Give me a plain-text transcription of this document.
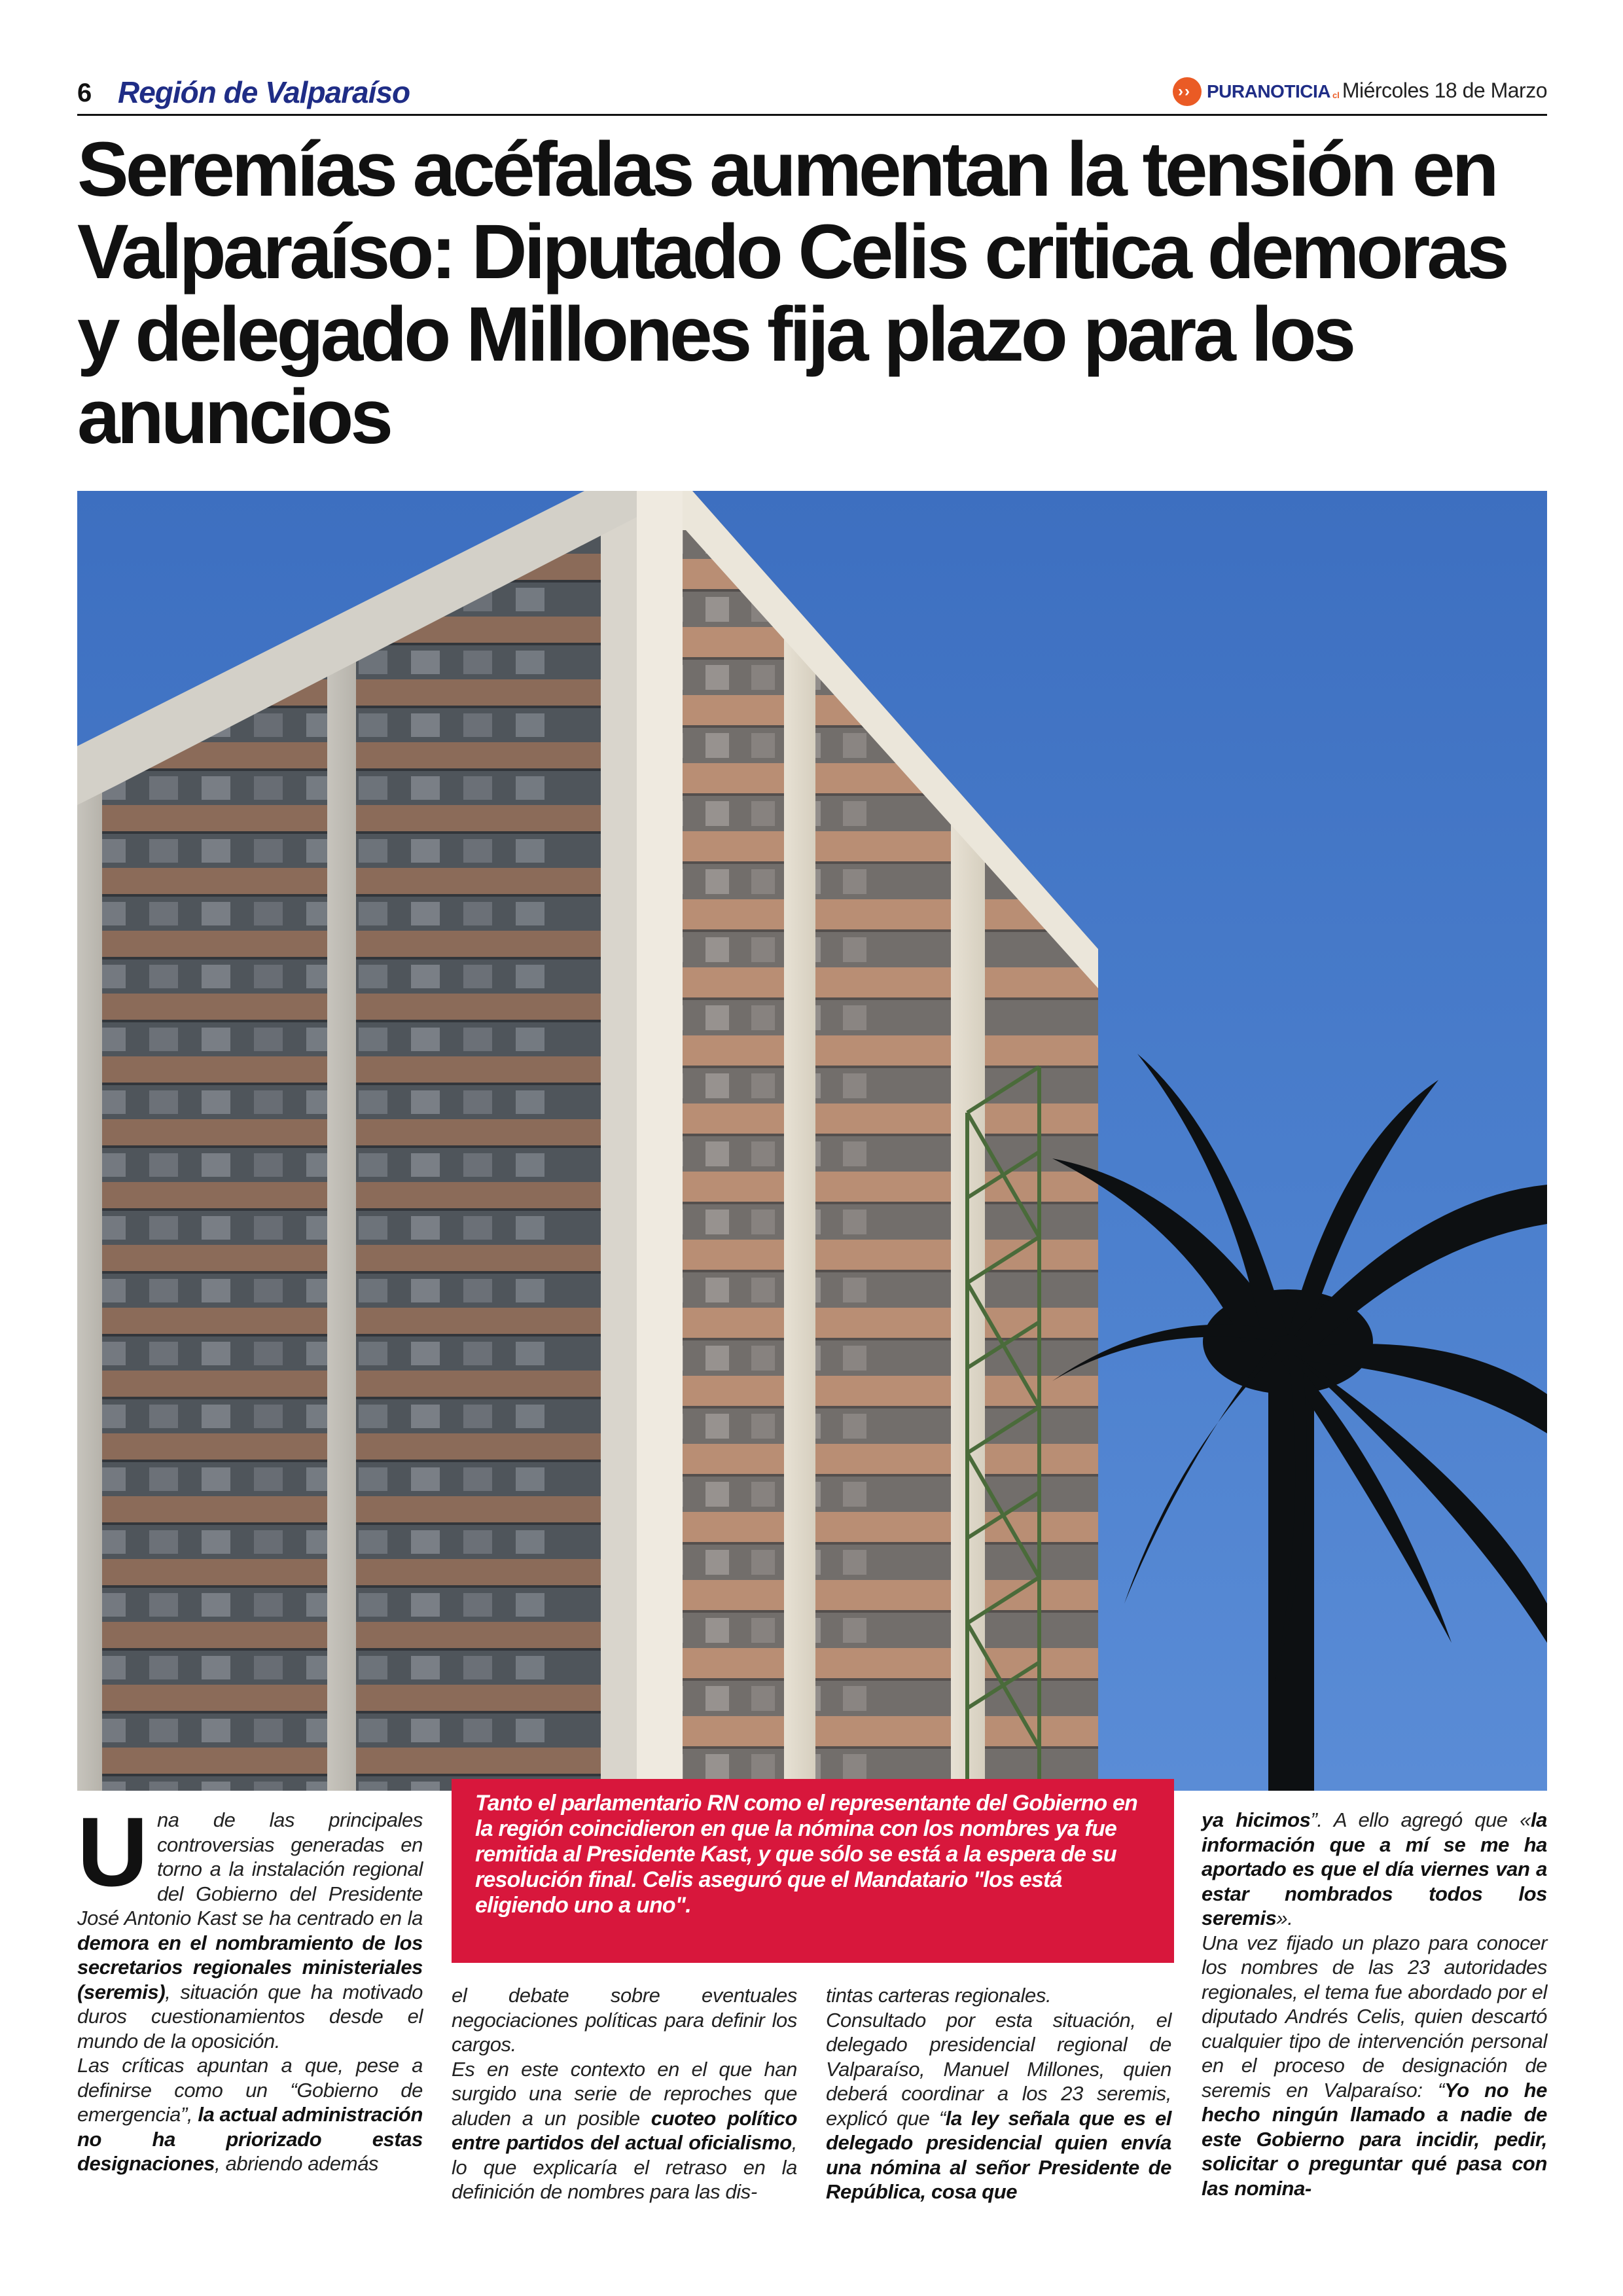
6 Región de Valparaíso	› › PURANOTICIA cl Miércoles 18 de Marzo
Seremías acéfalas aumentan la tensión en Valparaíso: Diputado Celis critica demoras y delegado Millones fija plazo para los anuncios

Tanto el parlamentario RN como el representante del Gobierno en la región coincidieron en que la nómina con los nombres ya fue remitida al Presidente Kast, y que sólo se está a la espera de su resolución final. Celis aseguró que el Mandatario "los está eligiendo uno a uno".

Una de las principales controversias generadas en torno a la instalación regional del Gobierno del Presidente José Antonio Kast se ha centrado en la demora en el nombramiento de los secretarios regionales ministeriales (seremis), situación que ha motivado duros cuestionamientos desde el mundo de la oposición.

Las críticas apuntan a que, pese a definirse como un “Gobierno de emergencia”, la actual administración no ha priorizado estas designaciones, abriendo además

el debate sobre eventuales negociaciones políticas para definir los cargos.

Es en este contexto en el que han surgido una serie de reproches que aluden a un posible cuoteo político entre partidos del actual oficialismo, lo que explicaría el retraso en la definición de nombres para las dis-

tintas carteras regionales.

Consultado por esta situación, el delegado presidencial regional de Valparaíso, Manuel Millones, quien deberá coordinar a los 23 seremis, explicó que “la ley señala que es el delegado presidencial quien envía una nómina al señor Presidente de República, cosa que

ya hicimos”. A ello agregó que «la información que a mí se me ha aportado es que el día viernes van a estar nombrados todos los seremis».

Una vez fijado un plazo para conocer los nombres de las 23 autoridades regionales, el tema fue abordado por el diputado Andrés Celis, quien descartó cualquier tipo de intervención personal en el proceso de designación de seremis en Valparaíso: “Yo no he hecho ningún llamado a nadie de este Gobierno para incidir, pedir, solicitar o preguntar qué pasa con las nomina-
